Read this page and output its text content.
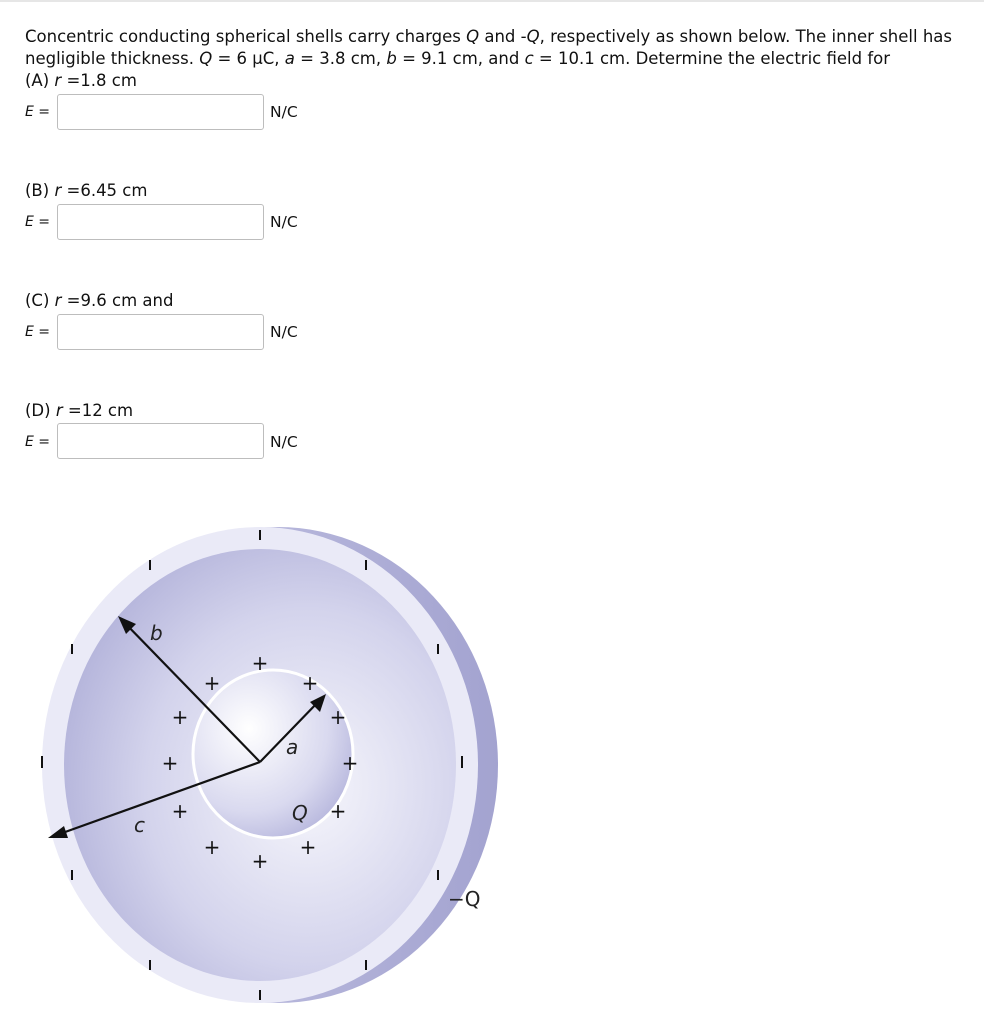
Concentric conducting spherical shells carry charges Q and -Q, respectively as shown below. The inner shell has negligible thickness. Q = 6 μC, a = 3.8 cm, b = 9.1 cm, and c = 10.1 cm. Determine the electric field for
(A) r =1.8 cm
E =	N/C
(B) r =6.45 cm
E =	N/C
(C) r =9.6 cm and
E =	N/C
(D) r =12 cm
E =	N/C
b
a
c	Q
−Q
+
+	+
+	+
+	+
+	+
+	+
+
